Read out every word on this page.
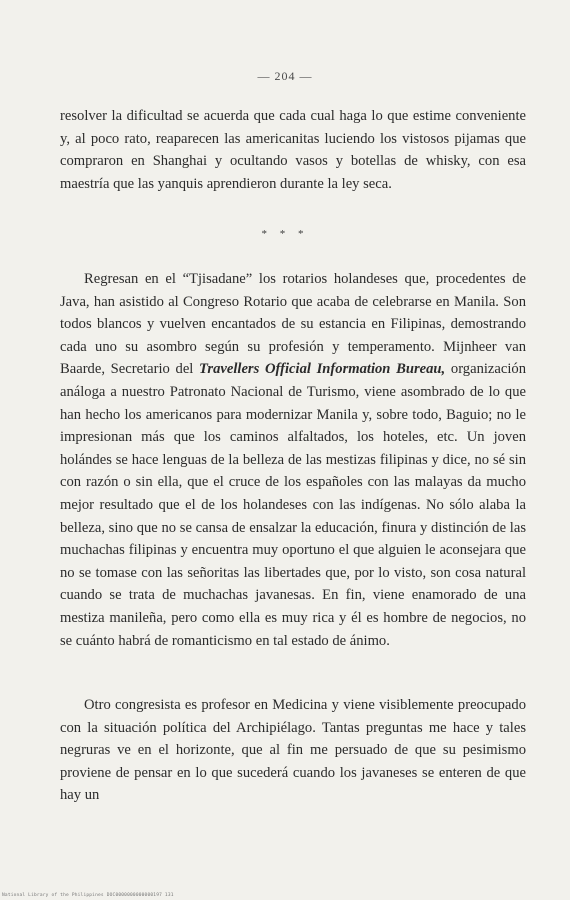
— 204 —

resolver la dificultad se acuerda que cada cual haga lo que estime conveniente y, al poco rato, reaparecen las americanitas luciendo los vistosos pijamas que compraron en Shanghai y ocultando vasos y botellas de whisky, con esa maestría que las yanquis aprendieron durante la ley seca.

* * *

Regresan en el “Tjisadane” los rotarios holandeses que, procedentes de Java, han asistido al Congreso Rotario que acaba de celebrarse en Manila. Son todos blancos y vuelven encantados de su estancia en Filipinas, demostrando cada uno su asombro según su profesión y temperamento. Mijnheer van Baarde, Secretario del Travellers Official Information Bureau, organización análoga a nuestro Patronato Nacional de Turismo, viene asombrado de lo que han hecho los americanos para modernizar Manila y, sobre todo, Baguio; no le impresionan más que los caminos alfaltados, los hoteles, etc. Un joven holándes se hace lenguas de la belleza de las mestizas filipinas y dice, no sé sin con razón o sin ella, que el cruce de los españoles con las malayas da mucho mejor resultado que el de los holandeses con las indígenas. No sólo alaba la belleza, sino que no se cansa de ensalzar la educación, finura y distinción de las muchachas filipinas y encuentra muy oportuno el que alguien le aconsejara que no se tomase con las señoritas las libertades que, por lo visto, son cosa natural cuando se trata de muchachas javanesas. En fin, viene enamorado de una mestiza manileña, pero como ella es muy rica y él es hombre de negocios, no se cuánto habrá de romanticismo en tal estado de ánimo.

Otro congresista es profesor en Medicina y viene visiblemente preocupado con la situación política del Archipiélago. Tantas preguntas me hace y tales negruras ve en el horizonte, que al fin me persuado de que su pesimismo proviene de pensar en lo que sucederá cuando los javaneses se enteren de que hay un

National Library of the Philippines DOC0000000000000197 131
